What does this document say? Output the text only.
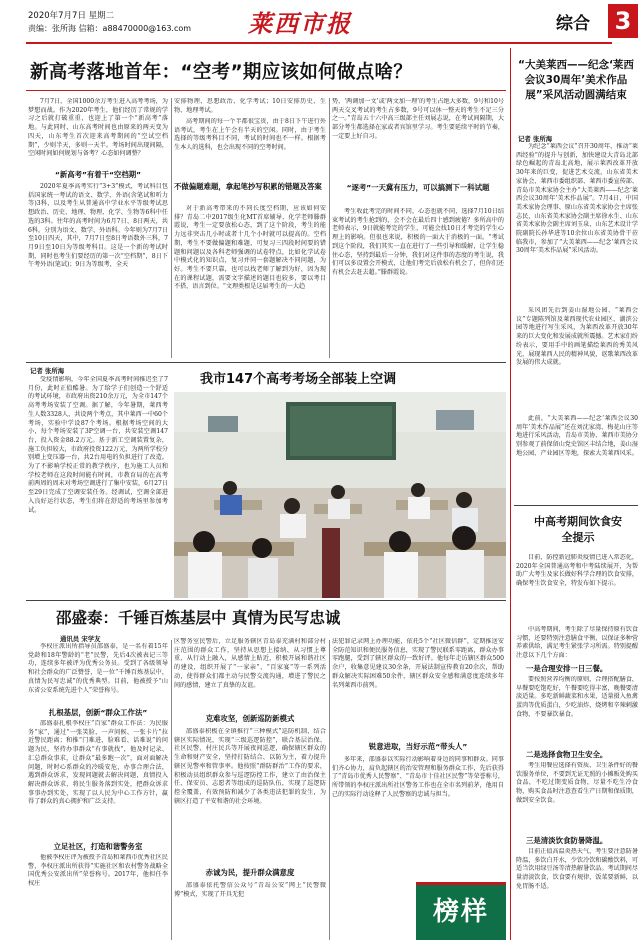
2020年7月7日 星期二
责编：张所海 信箱：a88470000@163.com 莱西市报	综合 3
新高考落地首年：“空考”期应该如何做点啥？
7月7日，全国1000余万考生进入高考考场，为梦想而战。作为2020年考生，他们经历了常规的学习之后就打破重重，也迎上了第一个“新高考”落地。与此同时，山东高考时间也由原来的两天变为四天，山东考生首次迎来高考期间的“空试空档期”，少则半天，多则一天半。考场时间出现间隔，空闲时间如何规划与备考？心态如何调整？
“新高考”有着干“空档期”
2020年夏季高考实行“3+3”模式，考试科目包括国家统一考试的语文、数学、外语(含笔试和听力等)3科，以及考生从普通高中学业水平等级考试思想政治、历史、地理、物理、化学、生物等6科中任选的3科。往年的高考时间为6月7日、8日两天，共6科，分别为语文、数学、外语科。今年则为7月7日至10日四天，其中，7月7日至8日考语数外三科，7月9日至10日为等级考科目。这是一个新的考试时期，同时也考生们要经历的第一次“空档期”，8日下午考外语(笔试)；9日为等级考，全天
安排物理、思想政治、化学考试；10日安排历史、生物、地理考试。
高考期间的每一个半都很宝贵，由于8日下午进行外语考试，考生在上午会有半天的空闲。同时，由于考生选择的等级考科目不同，考试的时间也不一样。根据考生本人的选科，也会出现不同的空考时间。
不做偏题难题，拿起笔抄写积累的错题及答案
对于新高考带来的不同长度空档期，应该如何安排？青岛二中2017级生化MT首席辅导、化学老师滕群霞说，考生一定要放松心态，到了这个阶段，考生的能力远非突击几小时或者十几个小时就可以提高的。空档期，考生不要做偏题和难题，可复习三四段时间要的错题和问题以及各科老师强调的试卷特点，比如化学试卷中模式化的知识点，复习并同一套题解决不同问题，为好。考生不要只靠，也可以找老师了解到为好，因为现在的课程试题，需要文字描述的题目也较多，要以考目不搭，语言到位。“文理类根是这届考生的一大趋
势，‘两调加一文’或‘两文加一理’的考生占绝大多数，9号和10号两天交叉考试的考生占多数，9号可以休一整天的考生不足三分之一。”青岛五十六中高三级部主任刘展志说，在考试间隔期，大部分考生都选择在家或者宾馆里学习。考生要延续平时的节奏，一定要上好自习。
“逐考”一天冀有压力，可以搞测下一科试题
考生收此考完的时间不同，心态也就不同，选择7月10日结束考试的考生抢到的，会不会在最后四十感到疲倦？多所高中的老师表示，9日就能考完的学生，可能会找10日才考完的学生心理上的影响。但很也来说，积极的一面大于消极的一面。“考试到这个阶段，我们其实一直在进行了一些引导和缓解，让学生稳住心态，坚持到最后一分钟，我们对这件事的态度的考生说，我们可以多设置会开模式，让他们考完后放松有机会了，但你们还有机会去赶去超。”滕群霞说。
记者 张所海
受疫情影响，今年全国夏季高考时间推迟至了7月份，此时正值酷暑。为了给学子们创造一个舒适的考试环境，市政府出资210余万元，为全市147个高考考场安装了空调。据了解，今年暑期，莱西考生人数3328人，共设两个考点，其中莱西一中60个考场，实验中学设87个考场。根据考场空间的大小，每个考场安装了3P空调一台，共安装空调147台，投入资金88.2万元。基于新工空调装置复杂，施工负担较大，市政府投资122万元，为两所学校分别增上变压器一台，共2台用电的负担进行了改造。为了不影响学校正常的教学秩序，也为施工人员和学校老师在这段时间能有时间，市教育局的在高考前两周的周末对考场空调进行了集中安装，6月27日至29日完成了空调安装任务。经调试，空调全部进入良好运行状态，考生们将在舒适的考场里参加考试。
我市147个高考考场全部装上空调
邵盛泰：千锤百炼基层中 真情为民写忠诚
通讯员 宋学友
李权庄派出所指导员邵盛泰，是一名有着15年党龄和18年警龄的“老”民警，先后4次被表记三等功，连续多年被评为优秀公务员。受到了各级领导和社会群众的广泛赞誉，是一位“千锤百炼基层中，真情为民写忠诚”的优秀典型。目前，他被授予“山东省公安系统先进个人”荣誉称号。
扎根基层，创新“群众工作法”
邵盛泰扎根李权庄“百家”群众工作法：为民服务“家”，通过“一张笑脸、一声问候、一张卡片”拉近警民距离；和推“门难进、脸难看、话难说”的问题为民，坚持办事群众“有事就找”，他及时记录、汇总群众事求，让群众“最多跑一次”，面对面解决问题，时时心系群众的冷暖安危，办事合理合法，遇到群众诉求，发现问题就去解决问题，真情投入解决群众诉求，将民生服务落到实处，把群众诉求事事办到实处，实现了以人民为中心工作方针，赢得了群众的真心拥护和广泛支持。
立足社区，打造和谐警务室
他被李权庄评为被授予青岛和莱西市优秀社区民警，李权庄派出所获得“实施社区和农村警务战略全国优秀公安派出所”荣誉称号。2017年，他担任李权庄
区警务室民警后，立足服务辖区青岛泰充满村和部分村庄范围的群众工作，坚持从思想上接纳、从习惯上尊重、从行动上融入，从感情上贴近，积极开展和谐社区的建设，组织开展了“一家亲”、“百家宴”等一系列活动，使得群众们都主动与民警交流沟通，增进了警民之间的感情，建立了真挚的友谊。
克难攻坚，创新巡防新模式
邵盛泰积极在全镇推行“三种模式”巡防机制，结合辖区实际情况，实现“三级巡逻防控”，联合基层治保、社区民警、村庄民兵等开展夜间巡逻，确保辖区群众的生命和财产安全，坚持打防结合、以防为主，着力提升辖区见警率和管事率。他按照“群防群治”工作的要求，积极动员组织群众参与巡逻防控工作，建立了由治保主任、保安员、志愿者等组成的巡防队伍，实现了巡逻防控全覆盖，有效预防和减少了各类违法犯罪的发生，为辖区打造了平安和谐的社会环境。
赤诚为民，提升群众满意度
邵盛泰依托警信公众号“青岛公安”网上“民警微博”模式，实现了开具无犯
法犯罪记录网上办理功能，依托5个“社区微信群”，定期推送安全防范知识和便民服务信息，实现了警民联系零距离，群众办事零跑腿，受到了辖区群众的一致好评。他每年走访辖区群众500余户，收集意见建议30余条，开展法制宣传教育20余次，帮助群众解决实际困难50余件，辖区群众安全感和满意度连续多年名列莱西市前列。
锐意进取，当好示范“带头人”
多年来，邵盛泰以实际行动影响着身边的同事和群众。同事们齐心协力，肩负起辖区的治安管理和服务群众工作，先后获得了“青岛市优秀人民警察”、“青岛市十佳社区民警”等荣誉称号，所带领的李权庄派出所社区警务工作也在全市名列前茅，他用自己的实际行动诠释了人民警察的忠诚与担当。
榜样
“大美莱西——纪念‘莱西会议30周年’美术作品展”采风活动圆满结束
记者 张所海
为纪念“莱西会议”召开30周年，推动“莱西经验”的提升与创新，加快建设大青岛北部绿色崛起的青岛北高地，展示莱西改革开放30年来的巨变，促进艺术交流，山东省美术家协会、莱西市委组织部、莱西市委宣传部、青岛市美术家协会主办“大美莱西——纪念‘莱西会议30周年’美术作品展”。7月4日，中国美术家协会理事、原山东省美术家协会主席张志民，山东省美术家协会副主席徐永生、山东省美术家协会副主席刘玉泉，山东艺术设计学院副院长孙华进等10余位山东省美协骨干莅临我市，参加了“大美莱西——纪念‘莱西会议30周年’美术作品展”采风活动。
采风团先后到姜山湿地公园、“莱西会议”专题陈列馆及莱西现代农业园区、湖滨公园等地进行写生采风，为莱西改革开放30年来的巨大变化和发展成就所震撼。艺术家们纷纷表示，要用手中的画笔描绘莱西的秀美风光，展现莱西人民的精神风貌，讴歌莱西改革发展的伟大成就。
此前，“大美莱西——纪念‘莱西会议30周年’美术作品展”还在刘沈家湾、梅花山庄等地进行采风活动，青岛市美协、莱西市美协分别参观了前保留山党史馆区丰结合地，姜山湿地公园、产业园区等地，探索大美莱西风采。
中高考期间饮食安全提示
目前，防控新冠肺炎疫情已进入常态化，2020年全国普通高考和中考陆续展开，为帮助广大考生及家长做好科学合理的饮食安排，确保考生饮食安全，特发布如下提示。
中高考期间，考生除了尽量保持原有饮食习惯，还要特别注意膳食平衡，以保证多种营养素供给，满足考生紧张学习所需。特别提醒注意以下几个方面：
一是合理安排一日三餐。
要按照营养均衡的原则，合理搭配膳食，早餐要吃饱吃好，午餐要吃得丰富，晚餐要清淡适量。多吃新鲜蔬菜和水果，适量摄入鱼禽蛋肉等优质蛋白，少吃油炸、烧烤和辛辣刺激食物，不要暴饮暴食。
二是选择食物卫生安全。
考生用餐应选择有资质、卫生条件好的餐饮服务单位，不要到无证无照的小摊贩处购买食品，不吃过期变质食物，尽量不吃生冷食物，购买食品时注意查看生产日期和保质期，做到安全饮食。
三是清淡饮食防暑降温。
目前正值高温炎热天气，考生要注意防暑降温，多饮白开水，少饮冷饮和碳酸饮料，可适当饮用绿豆汤等清热解暑饮品。考试期间尽量清淡饮食，饮食要有规律，饭菜要新鲜，以免胃肠不适。
